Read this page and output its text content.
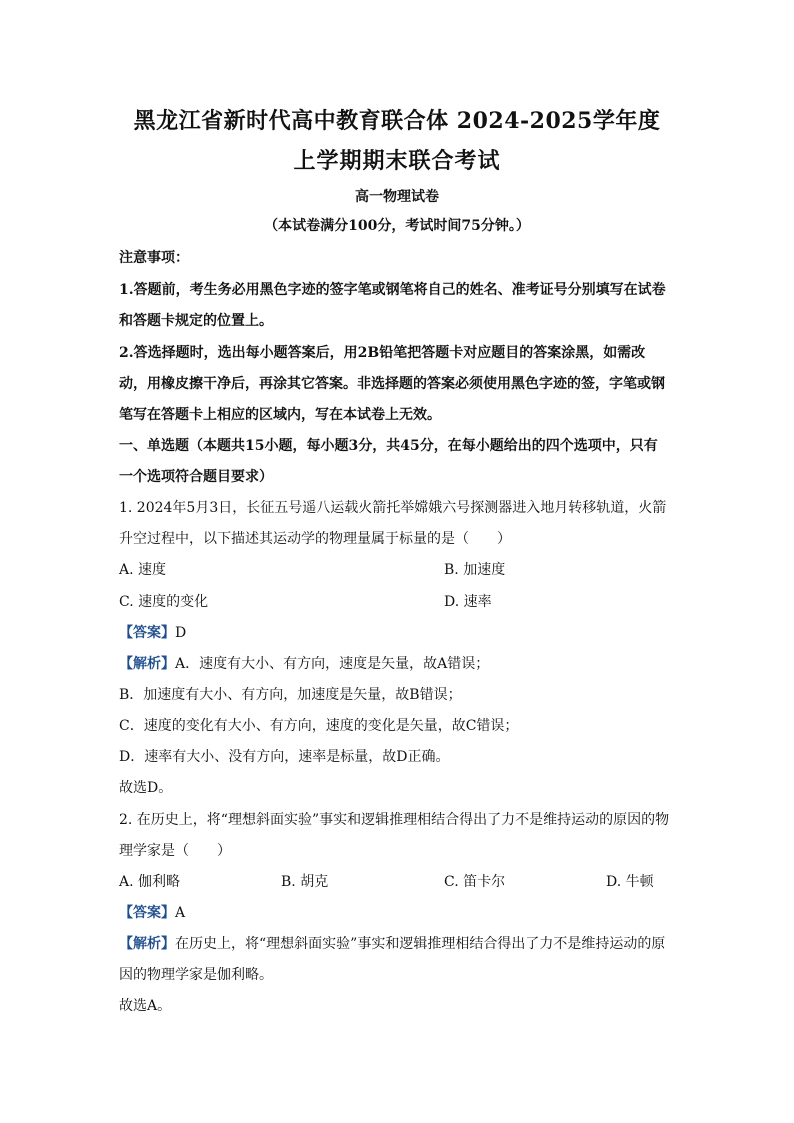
黑龙江省新时代高中教育联合体 2024-2025学年度
上学期期末联合考试
高一物理试卷
（本试卷满分100分，考试时间75分钟。）
注意事项：
1.答题前，考生务必用黑色字迹的签字笔或钢笔将自己的姓名、准考证号分别填写在试卷
和答题卡规定的位置上。
2.答选择题时，选出每小题答案后，用2B铅笔把答题卡对应题目的答案涂黑，如需改
动，用橡皮擦干净后，再涂其它答案。非选择题的答案必须使用黑色字迹的签，字笔或钢
笔写在答题卡上相应的区域内，写在本试卷上无效。
一、单选题（本题共15小题，每小题3分，共45分，在每小题给出的四个选项中，只有
一个选项符合题目要求）
1. 2024年5月3日，长征五号遥八运载火箭托举嫦娥六号探测器进入地月转移轨道，火箭
升空过程中，以下描述其运动学的物理量属于标量的是（　　）
A. 速度	B. 加速度
C. 速度的变化	D. 速率
【答案】D
【解析】A．速度有大小、有方向，速度是矢量，故A错误；
B．加速度有大小、有方向，加速度是矢量，故B错误；
C．速度的变化有大小、有方向，速度的变化是矢量，故C错误；
D．速率有大小、没有方向，速率是标量，故D正确。
故选D。
2. 在历史上，将“理想斜面实验”事实和逻辑推理相结合得出了力不是维持运动的原因的物
理学家是（　　）
A. 伽利略	B. 胡克	C. 笛卡尔	D. 牛顿
【答案】A
【解析】在历史上，将“理想斜面实验”事实和逻辑推理相结合得出了力不是维持运动的原
因的物理学家是伽利略。
故选A。
